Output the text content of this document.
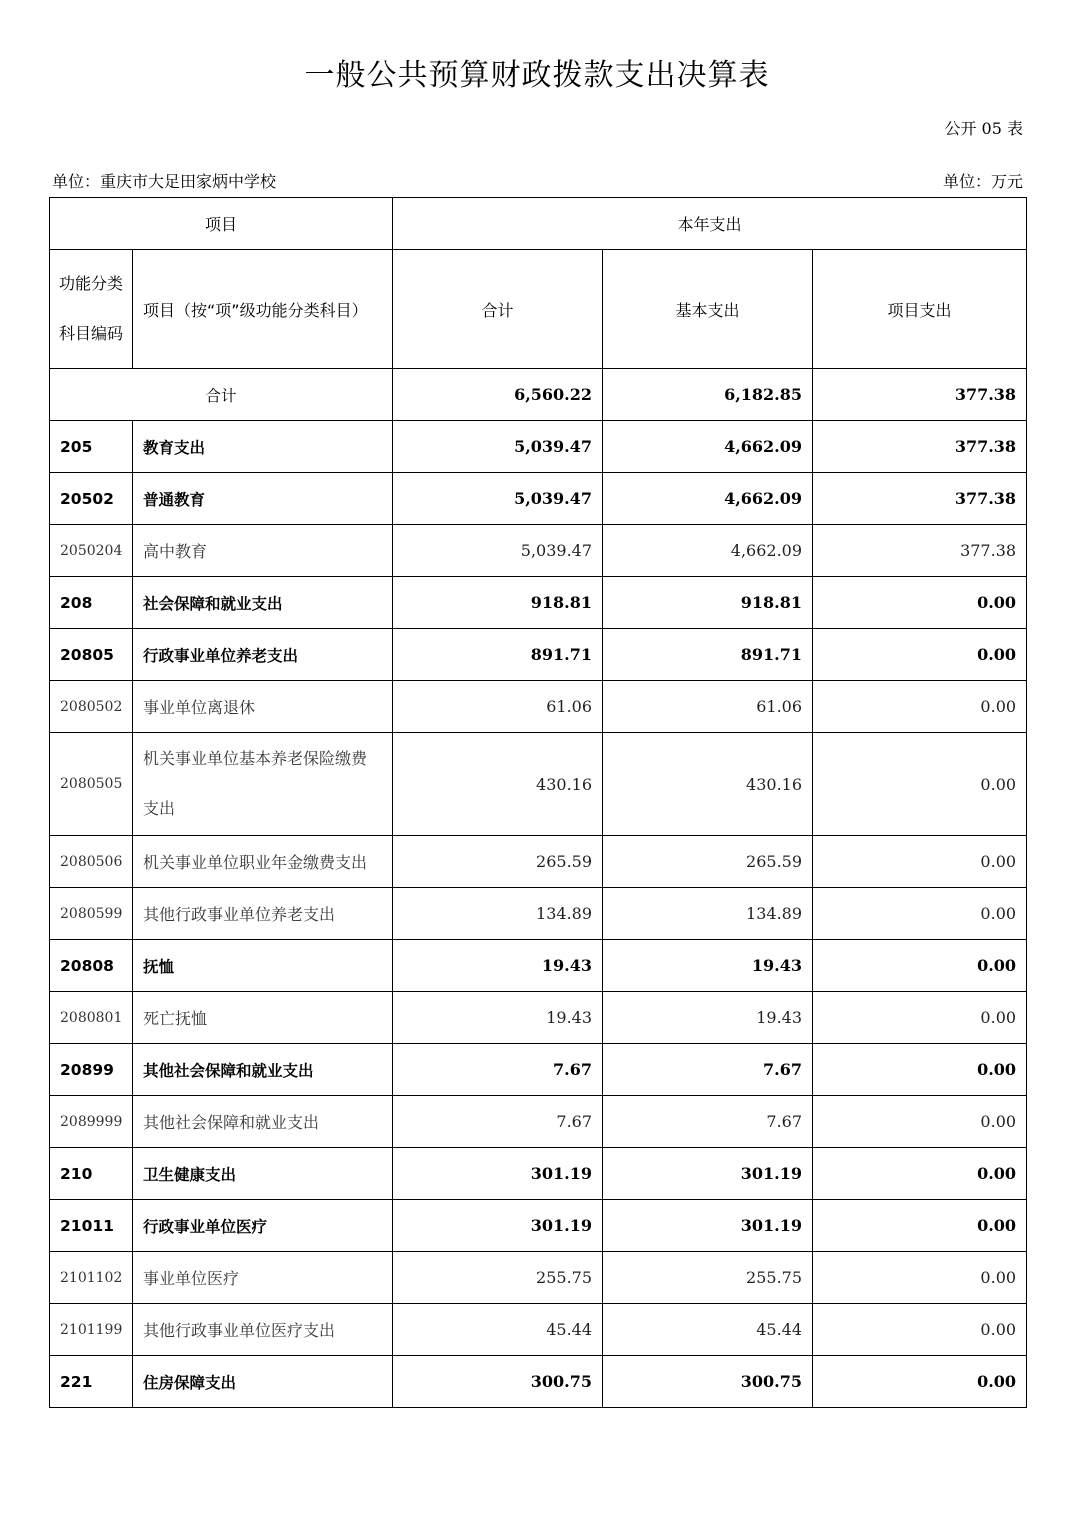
一般公共预算财政拨款支出决算表
公开 05 表
单位：重庆市大足田家炳中学校	单位：万元
项目		本年支出		
功能分类科目编码	项目（按“项”级功能分类科目）	合计	基本支出	项目支出
合计		6,560.22	6,182.85	377.38
205	教育支出	5,039.47	4,662.09	377.38
20502	普通教育	5,039.47	4,662.09	377.38
2050204	高中教育	5,039.47	4,662.09	377.38
208	社会保障和就业支出	918.81	918.81	0.00
20805	行政事业单位养老支出	891.71	891.71	0.00
2080502	事业单位离退休	61.06	61.06	0.00
2080505	机关事业单位基本养老保险缴费支出	430.16	430.16	0.00
2080506	机关事业单位职业年金缴费支出	265.59	265.59	0.00
2080599	其他行政事业单位养老支出	134.89	134.89	0.00
20808	抚恤	19.43	19.43	0.00
2080801	死亡抚恤	19.43	19.43	0.00
20899	其他社会保障和就业支出	7.67	7.67	0.00
2089999	其他社会保障和就业支出	7.67	7.67	0.00
210	卫生健康支出	301.19	301.19	0.00
21011	行政事业单位医疗	301.19	301.19	0.00
2101102	事业单位医疗	255.75	255.75	0.00
2101199	其他行政事业单位医疗支出	45.44	45.44	0.00
221	住房保障支出	300.75	300.75	0.00
